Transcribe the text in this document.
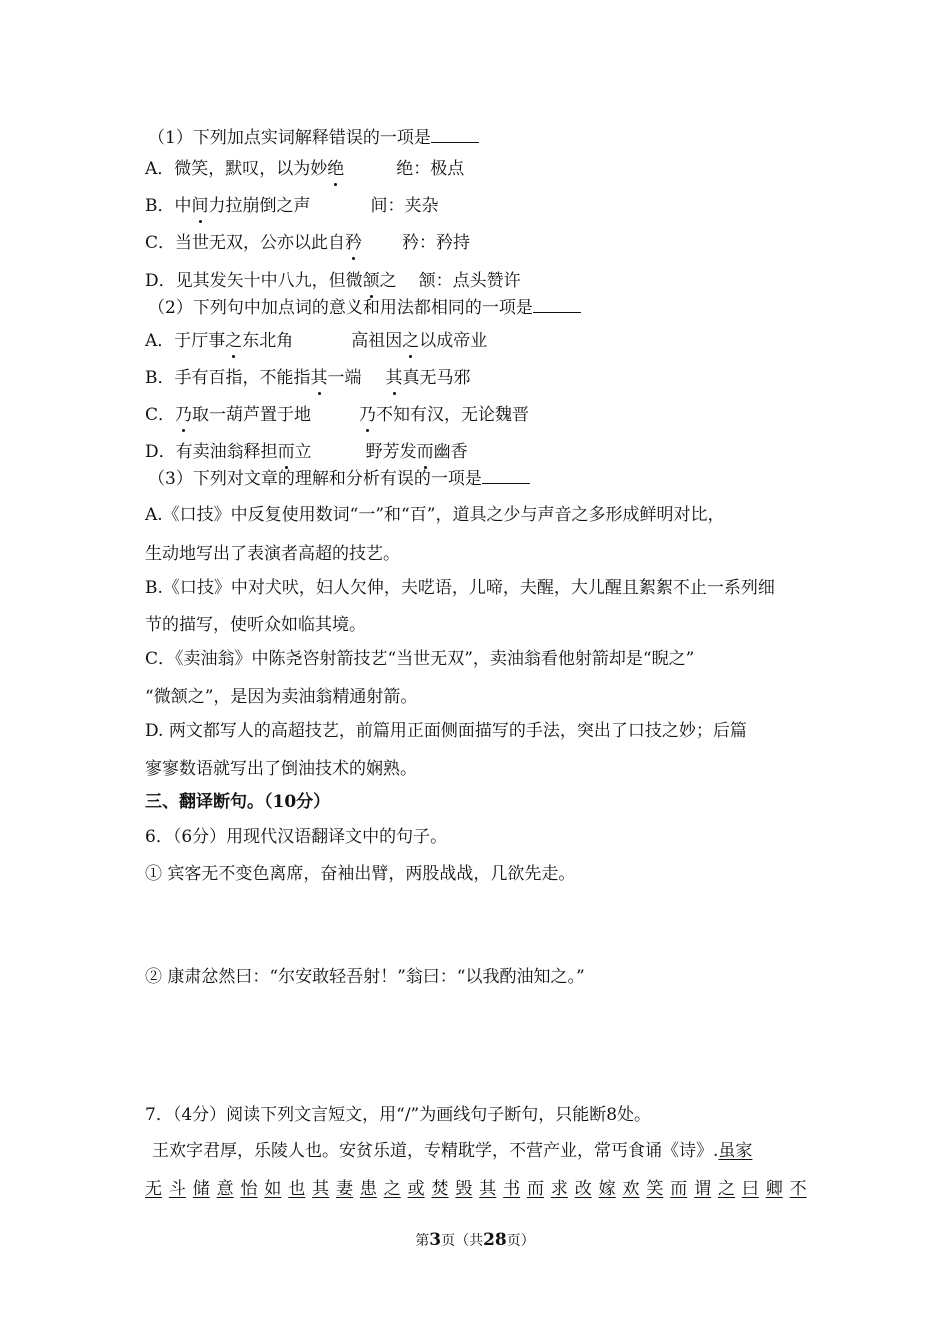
（1）下列加点实词解释错误的一项是
A．微笑，默叹，以为妙绝	绝：极点
B．中间力拉崩倒之声	间：夹杂
C．当世无双，公亦以此自矜 矜：矜持
D．见其发矢十中八九，但微颔之 颔：点头赞许
（2）下列句中加点词的意义和用法都相同的一项是
A．于厅事之东北角	高祖因之以成帝业
B．手有百指，不能指其一端 其真无马邪
C．乃取一葫芦置于地	乃不知有汉，无论魏晋
D．有卖油翁释担而立	野芳发而幽香
（3）下列对文章的理解和分析有误的一项是
A.《口技》中反复使用数词“一”和“百”，道具之少与声音之多形成鲜明对比，
生动地写出了表演者高超的技艺。
B.《口技》中对犬吠，妇人欠伸，夫呓语，儿啼，夫醒，大儿醒且絮絮不止一系列细
节的描写，使听众如临其境。
C．《卖油翁》中陈尧咨射箭技艺“当世无双”，卖油翁看他射箭却是“睨之”
“微颔之”，是因为卖油翁精通射箭。
D. 两文都写人的高超技艺，前篇用正面侧面描写的手法，突出了口技之妙；后篇
寥寥数语就写出了倒油技术的娴熟。
三、翻译断句。（10分）
6．（6分）用现代汉语翻译文中的句子。
① 宾客无不变色离席，奋袖出臂，两股战战，几欲先走。
② 康肃忿然曰：“尔安敢轻吾射！”翁曰：“以我酌油知之。”
7．（4分）阅读下列文言短文，用“/”为画线句子断句，只能断8处。
王欢字君厚，乐陵人也。安贫乐道，专精耽学，不营产业，常丐食诵《诗》.虽家
无 斗 储 意 怡 如 也 其 妻 患 之 或 焚 毁 其 书 而 求 改 嫁 欢 笑 而 谓 之 曰 卿 不
第3页（共28页）
